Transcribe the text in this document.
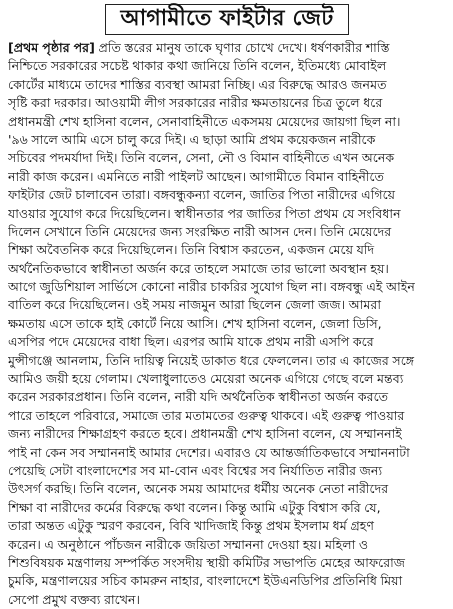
আগামীতে ফাইটার জেট
[প্রথম পৃষ্ঠার পর] প্রতি স্তরের মানুষ তাকে ঘৃণার চোখে দেখে। ধর্ষণকারীর শাস্তি
নিশ্চিতে সরকারের সচেষ্ট থাকার কথা জানিয়ে তিনি বলেন, ইতিমধ্যে মোবাইল
কোর্টের মাধ্যমে তাদের শাস্তির ব্যবস্থা আমরা নিচ্ছি। এর বিরুদ্ধে আরও জনমত
সৃষ্টি করা দরকার। আওয়ামী লীগ সরকারের নারীর ক্ষমতায়নের চিত্র তুলে ধরে
প্রধানমন্ত্রী শেখ হাসিনা বলেন, সেনাবাহিনীতে একসময় মেয়েদের জায়গা ছিল না।
'৯৬ সালে আমি এসে চালু করে দিই। এ ছাড়া আমি প্রথম কয়েকজন নারীকে
সচিবের পদমর্যাদা দিই। তিনি বলেন, সেনা, নৌ ও বিমান বাহিনীতে এখন অনেক
নারী কাজ করেন। এমনিতে নারী পাইলট আছেন। আগামীতে বিমান বাহিনীতে
ফাইটার জেট চালাবেন তারা। বঙ্গবন্ধুকন্যা বলেন, জাতির পিতা নারীদের এগিয়ে
যাওয়ার সুযোগ করে দিয়েছিলেন। স্বাধীনতার পর জাতির পিতা প্রথম যে সংবিধান
দিলেন সেখানে তিনি মেয়েদের জন্য সংরক্ষিত নারী আসন দেন। তিনি মেয়েদের
শিক্ষা অবৈতনিক করে দিয়েছিলেন। তিনি বিশ্বাস করতেন, একজন মেয়ে যদি
অর্থনৈতিকভাবে স্বাধীনতা অর্জন করে তাহলে সমাজে তার ভালো অবস্থান হয়।
আগে জুডিশিয়াল সার্ভিসে কোনো নারীর চাকরির সুযোগ ছিল না। বঙ্গবন্ধু এই আইন
বাতিল করে দিয়েছিলেন। ওই সময় নাজমুন আরা ছিলেন জেলা জজ। আমরা
ক্ষমতায় এসে তাকে হাই কোর্টে নিয়ে আসি। শেখ হাসিনা বলেন, জেলা ডিসি,
এসপির পদে মেয়েদের বাধা ছিল। এরপর আমি যাকে প্রথম নারী এসপি করে
মুন্সীগঞ্জে আনলাম, তিনি দায়িত্ব নিয়েই ডাকাত ধরে ফেললেন। তার এ কাজের সঙ্গে
আমিও জয়ী হয়ে গেলাম। খেলাধুলাতেও মেয়েরা অনেক এগিয়ে গেছে বলে মন্তব্য
করেন সরকারপ্রধান। তিনি বলেন, নারী যদি অর্থনৈতিক স্বাধীনতা অর্জন করতে
পারে তাহলে পরিবারে, সমাজে তার মতামতের গুরুত্ব থাকবে। এই গুরুত্ব পাওয়ার
জন্য নারীদের শিক্ষাগ্রহণ করতে হবে। প্রধানমন্ত্রী শেখ হাসিনা বলেন, যে সম্মাননাই
পাই না কেন সব সম্মাননাই আমার দেশের। এবারও যে আন্তর্জাতিকভাবে সম্মাননাটা
পেয়েছি সেটা বাংলাদেশের সব মা-বোন এবং বিশ্বের সব নির্যাতিত নারীর জন্য
উৎসর্গ করছি। তিনি বলেন, অনেক সময় আমাদের ধর্মীয় অনেক নেতা নারীদের
শিক্ষা বা নারীদের কর্মের বিরুদ্ধে কথা বলেন। কিন্তু আমি এটুকু বিশ্বাস করি যে,
তারা অন্তত এটুকু স্মরণ করবেন, বিবি খাদিজাই কিন্তু প্রথম ইসলাম ধর্ম গ্রহণ
করেন। এ অনুষ্ঠানে পাঁচজন নারীকে জয়িতা সম্মাননা দেওয়া হয়। মহিলা ও
শিশুবিষয়ক মন্ত্রণালয় সম্পর্কিত সংসদীয় স্থায়ী কমিটির সভাপতি মেহের আফরোজ
চুমকি, মন্ত্রণালয়ের সচিব কামরুন নাহার, বাংলাদেশে ইউএনডিপির প্রতিনিধি মিয়া
সেপো প্রমুখ বক্তব্য রাখেন।
